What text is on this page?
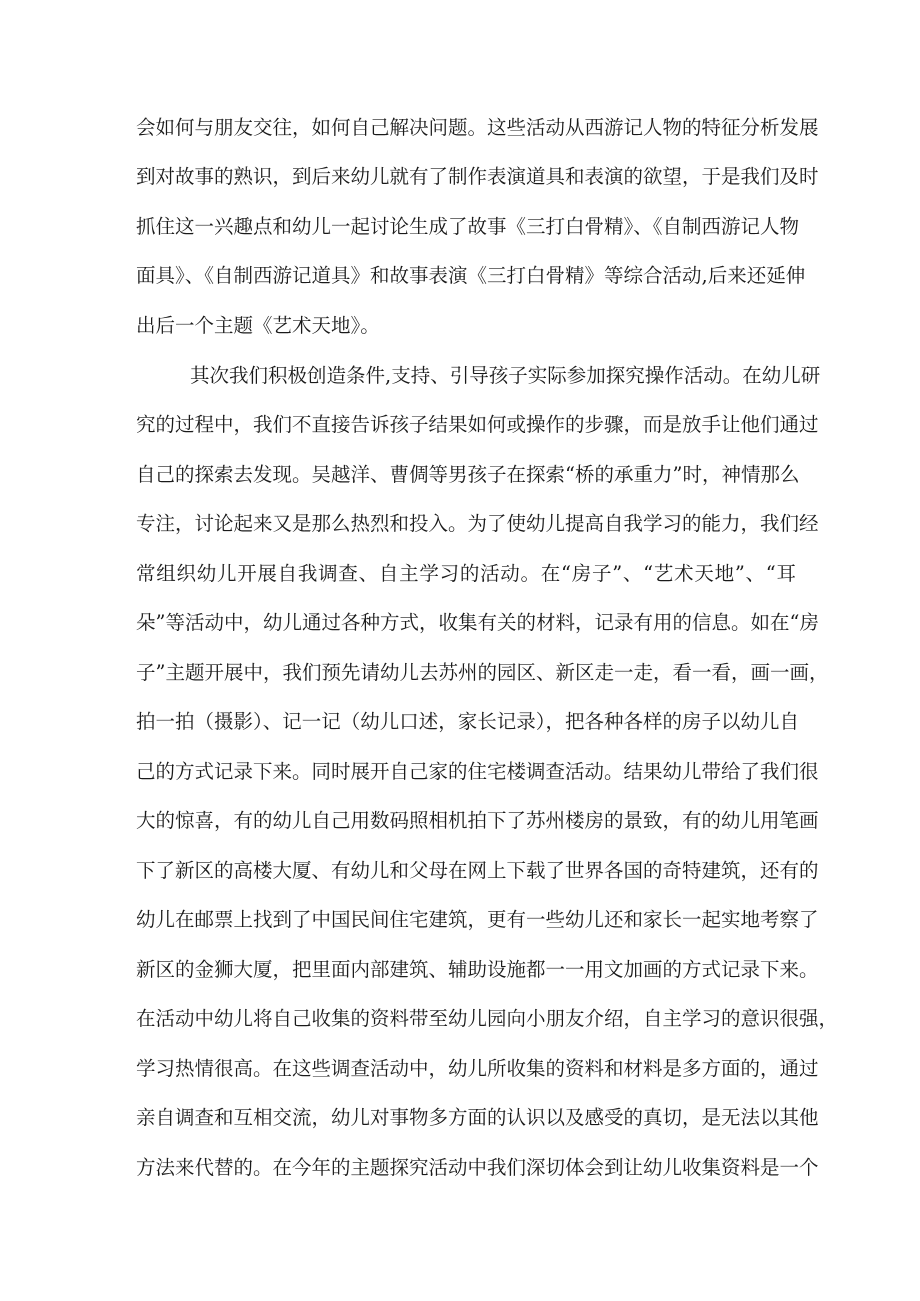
会如何与朋友交往，如何自己解决问题。这些活动从西游记人物的特征分析发展
到对故事的熟识，到后来幼儿就有了制作表演道具和表演的欲望，于是我们及时
抓住这一兴趣点和幼儿一起讨论生成了故事《三打白骨精》、《自制西游记人物
面具》、《自制西游记道具》和故事表演《三打白骨精》等综合活动,后来还延伸
出后一个主题《艺术天地》。
其次我们积极创造条件,支持、引导孩子实际参加探究操作活动。在幼儿研
究的过程中，我们不直接告诉孩子结果如何或操作的步骤，而是放手让他们通过
自己的探索去发现。吴越洋、曹倜等男孩子在探索“桥的承重力”时，神情那么
专注，讨论起来又是那么热烈和投入。为了使幼儿提高自我学习的能力，我们经
常组织幼儿开展自我调查、自主学习的活动。在“房子”、“艺术天地”、“耳
朵”等活动中，幼儿通过各种方式，收集有关的材料，记录有用的信息。如在“房
子”主题开展中，我们预先请幼儿去苏州的园区、新区走一走，看一看，画一画，
拍一拍（摄影）、记一记（幼儿口述，家长记录），把各种各样的房子以幼儿自
己的方式记录下来。同时展开自己家的住宅楼调查活动。结果幼儿带给了我们很
大的惊喜，有的幼儿自己用数码照相机拍下了苏州楼房的景致，有的幼儿用笔画
下了新区的高楼大厦、有幼儿和父母在网上下载了世界各国的奇特建筑，还有的
幼儿在邮票上找到了中国民间住宅建筑，更有一些幼儿还和家长一起实地考察了
新区的金狮大厦，把里面内部建筑、辅助设施都一一用文加画的方式记录下来。
在活动中幼儿将自己收集的资料带至幼儿园向小朋友介绍，自主学习的意识很强，
学习热情很高。在这些调查活动中，幼儿所收集的资料和材料是多方面的，通过
亲自调查和互相交流，幼儿对事物多方面的认识以及感受的真切，是无法以其他
方法来代替的。在今年的主题探究活动中我们深切体会到让幼儿收集资料是一个
